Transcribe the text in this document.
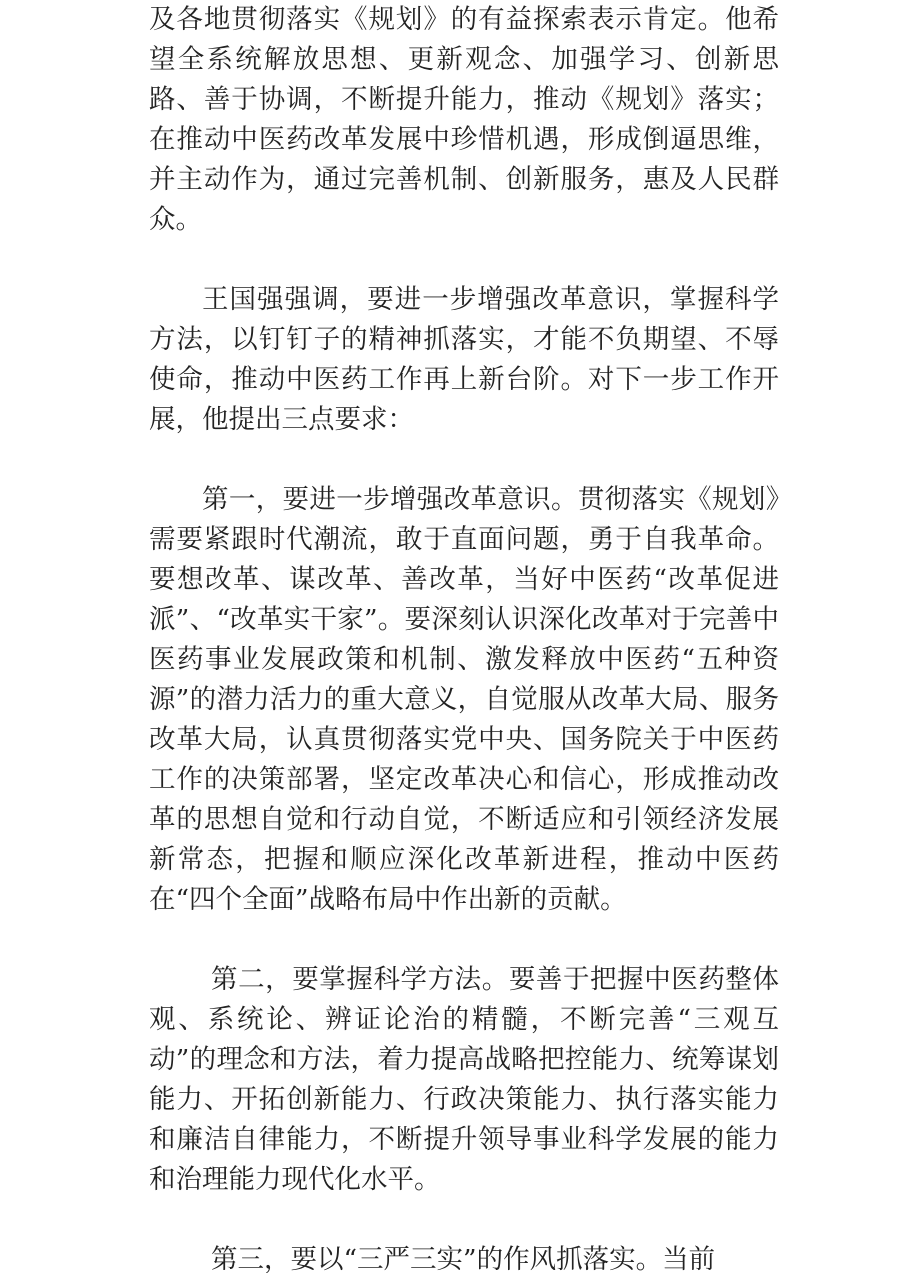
及各地贯彻落实《规划》的有益探索表示肯定。他希望全系统解放思想、更新观念、加强学习、创新思路、善于协调，不断提升能力，推动《规划》落实；在推动中医药改革发展中珍惜机遇，形成倒逼思维，并主动作为，通过完善机制、创新服务，惠及人民群众。

王国强强调，要进一步增强改革意识，掌握科学方法，以钉钉子的精神抓落实，才能不负期望、不辱使命，推动中医药工作再上新台阶。对下一步工作开展，他提出三点要求：

第一，要进一步增强改革意识。贯彻落实《规划》需要紧跟时代潮流，敢于直面问题，勇于自我革命。要想改革、谋改革、善改革，当好中医药“改革促进派”、“改革实干家”。要深刻认识深化改革对于完善中医药事业发展政策和机制、激发释放中医药“五种资源”的潜力活力的重大意义，自觉服从改革大局、服务改革大局，认真贯彻落实党中央、国务院关于中医药工作的决策部署，坚定改革决心和信心，形成推动改革的思想自觉和行动自觉，不断适应和引领经济发展新常态，把握和顺应深化改革新进程，推动中医药在“四个全面”战略布局中作出新的贡献。

第二，要掌握科学方法。要善于把握中医药整体观、系统论、辨证论治的精髓，不断完善“三观互动”的理念和方法，着力提高战略把控能力、统筹谋划能力、开拓创新能力、行政决策能力、执行落实能力和廉洁自律能力，不断提升领导事业科学发展的能力和治理能力现代化水平。

第三，要以“三严三实”的作风抓落实。当前
